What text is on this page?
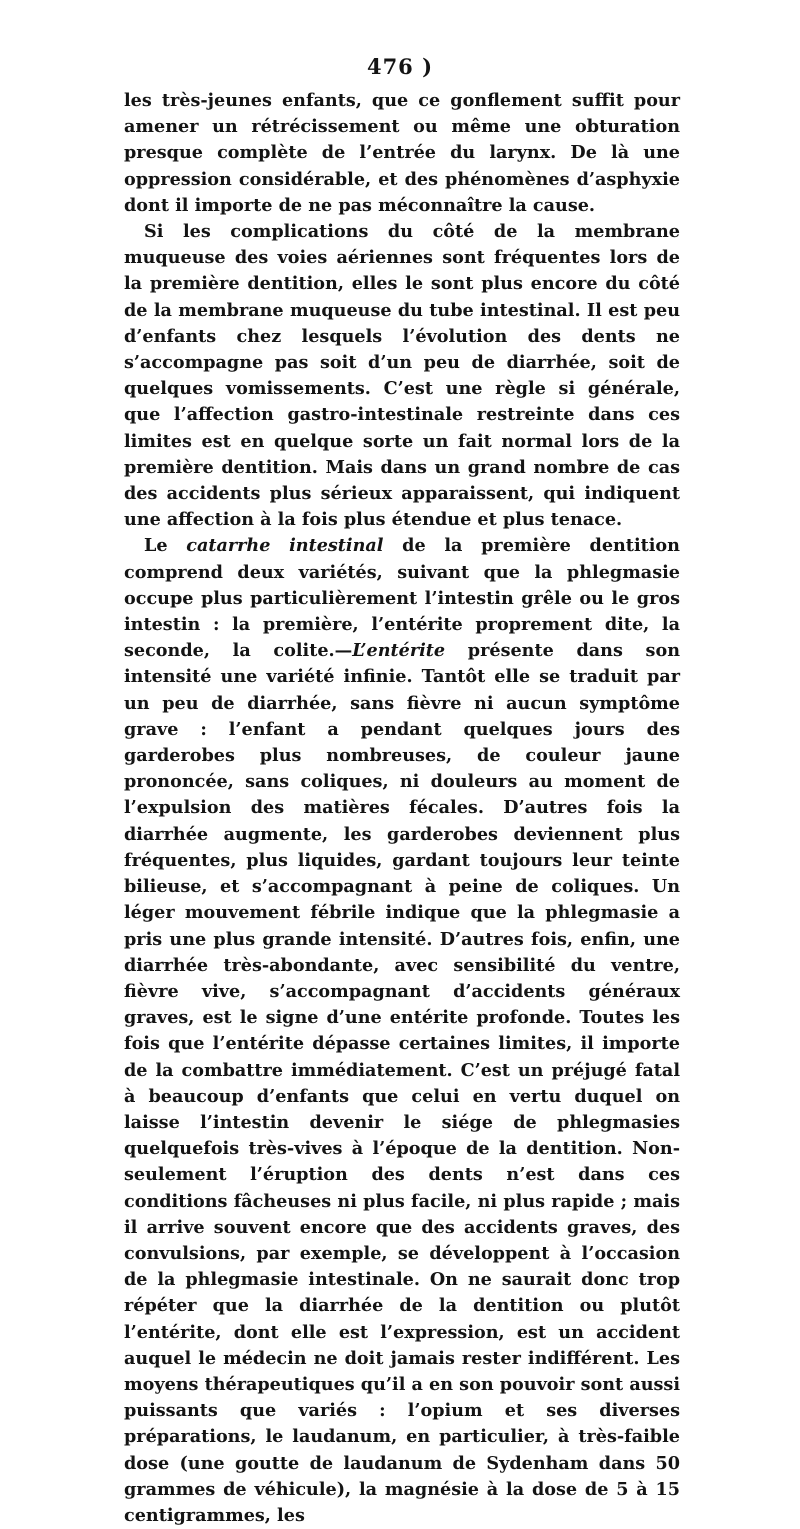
476 )

les très-jeunes enfants, que ce gonflement suffit pour amener un rétrécissement ou même une obturation presque complète de l’entrée du larynx. De là une oppression considérable, et des phénomènes d’asphyxie dont il importe de ne pas méconnaître la cause.

Si les complications du côté de la membrane muqueuse des voies aériennes sont fréquentes lors de la première dentition, elles le sont plus encore du côté de la membrane muqueuse du tube intestinal. Il est peu d’enfants chez lesquels l’évolution des dents ne s’accompagne pas soit d’un peu de diarrhée, soit de quelques vomissements. C’est une règle si générale, que l’affection gastro-intestinale restreinte dans ces limites est en quelque sorte un fait normal lors de la première dentition. Mais dans un grand nombre de cas des accidents plus sérieux apparaissent, qui indiquent une affection à la fois plus étendue et plus tenace.

Le catarrhe intestinal de la première dentition comprend deux variétés, suivant que la phlegmasie occupe plus particulièrement l’intestin grêle ou le gros intestin : la première, l’entérite proprement dite, la seconde, la colite.—L’entérite présente dans son intensité une variété infinie. Tantôt elle se traduit par un peu de diarrhée, sans fièvre ni aucun symptôme grave : l’enfant a pendant quelques jours des garderobes plus nombreuses, de couleur jaune prononcée, sans coliques, ni douleurs au moment de l’expulsion des matières fécales. D’autres fois la diarrhée augmente, les garderobes deviennent plus fréquentes, plus liquides, gardant toujours leur teinte bilieuse, et s’accompagnant à peine de coliques. Un léger mouvement fébrile indique que la phlegmasie a pris une plus grande intensité. D’autres fois, enfin, une diarrhée très-abondante, avec sensibilité du ventre, fièvre vive, s’accompagnant d’accidents généraux graves, est le signe d’une entérite profonde. Toutes les fois que l’entérite dépasse certaines limites, il importe de la combattre immédiatement. C’est un préjugé fatal à beaucoup d’enfants que celui en vertu duquel on laisse l’intestin devenir le siége de phlegmasies quelquefois très-vives à l’époque de la dentition. Non-seulement l’éruption des dents n’est dans ces conditions fâcheuses ni plus facile, ni plus rapide ; mais il arrive souvent encore que des accidents graves, des convulsions, par exemple, se développent à l’occasion de la phlegmasie intestinale. On ne saurait donc trop répéter que la diarrhée de la dentition ou plutôt l’entérite, dont elle est l’expression, est un accident auquel le médecin ne doit jamais rester indifférent. Les moyens thérapeutiques qu’il a en son pouvoir sont aussi puissants que variés : l’opium et ses diverses préparations, le laudanum, en particulier, à très-faible dose (une goutte de laudanum de Sydenham dans 50 grammes de véhicule), la magnésie à la dose de 5 à 15 centigrammes, les
